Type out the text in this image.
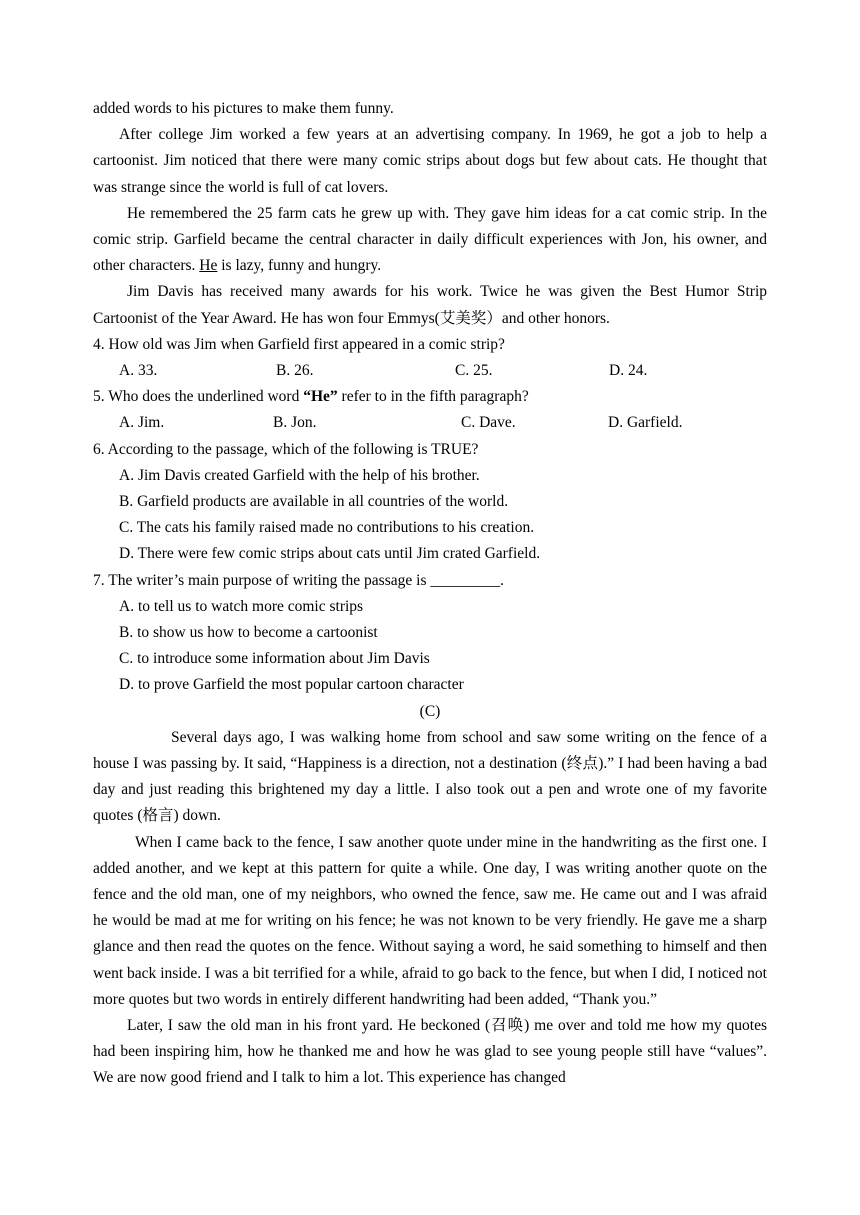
added words to his pictures to make them funny.

After college Jim worked a few years at an advertising company. In 1969, he got a job to help a cartoonist. Jim noticed that there were many comic strips about dogs but few about cats. He thought that was strange since the world is full of cat lovers.

He remembered the 25 farm cats he grew up with. They gave him ideas for a cat comic strip. In the comic strip. Garfield became the central character in daily difficult experiences with Jon, his owner, and other characters. He is lazy, funny and hungry.

Jim Davis has received many awards for his work. Twice he was given the Best Humor Strip Cartoonist of the Year Award. He has won four Emmys(艾美奖）and other honors.

4. How old was Jim when Garfield first appeared in a comic strip?
A. 33.	B. 26.	C. 25.	D. 24.
5. Who does the underlined word “He” refer to in the fifth paragraph?
A. Jim.	B. Jon.	C. Dave.	D. Garfield.
6. According to the passage, which of the following is TRUE?
A. Jim Davis created Garfield with the help of his brother.
B. Garfield products are available in all countries of the world.
C. The cats his family raised made no contributions to his creation.
D. There were few comic strips about cats until Jim crated Garfield.
7. The writer’s main purpose of writing the passage is _________.
A. to tell us to watch more comic strips
B. to show us how to become a cartoonist
C. to introduce some information about Jim Davis
D. to prove Garfield the most popular cartoon character
(C)

Several days ago, I was walking home from school and saw some writing on the fence of a house I was passing by. It said, “Happiness is a direction, not a destination (终点).” I had been having a bad day and just reading this brightened my day a little. I also took out a pen and wrote one of my favorite quotes (格言) down.

When I came back to the fence, I saw another quote under mine in the handwriting as the first one. I added another, and we kept at this pattern for quite a while. One day, I was writing another quote on the fence and the old man, one of my neighbors, who owned the fence, saw me. He came out and I was afraid he would be mad at me for writing on his fence; he was not known to be very friendly. He gave me a sharp glance and then read the quotes on the fence. Without saying a word, he said something to himself and then went back inside. I was a bit terrified for a while, afraid to go back to the fence, but when I did, I noticed not more quotes but two words in entirely different handwriting had been added, “Thank you.”

Later, I saw the old man in his front yard. He beckoned (召唤) me over and told me how my quotes had been inspiring him, how he thanked me and how he was glad to see young people still have “values”. We are now good friend and I talk to him a lot. This experience has changed
